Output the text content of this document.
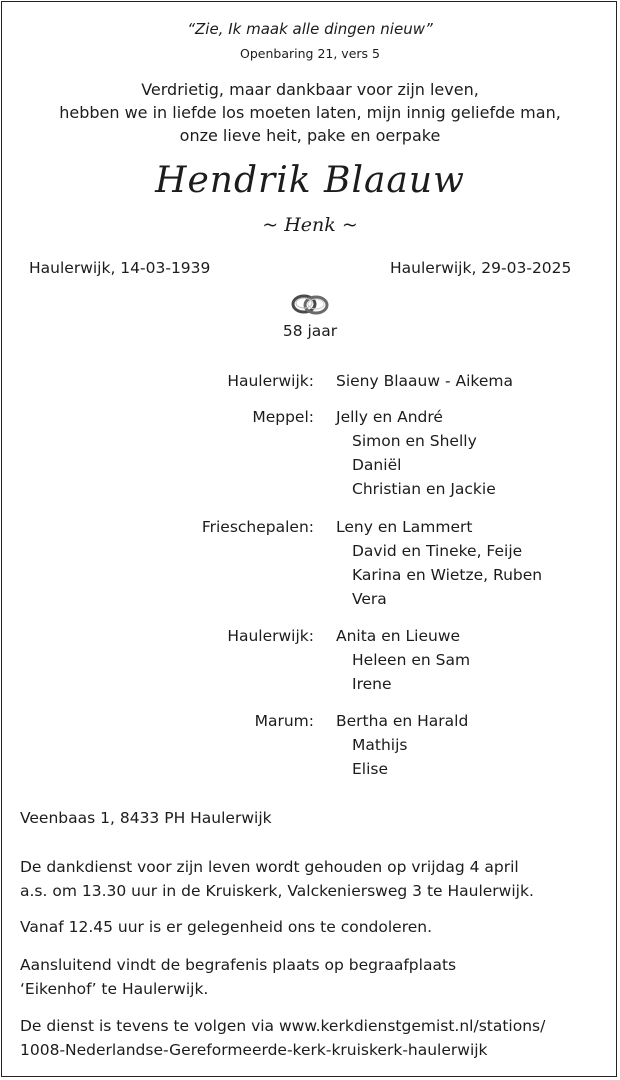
“Zie, Ik maak alle dingen nieuw”
Openbaring 21, vers 5
Verdrietig, maar dankbaar voor zijn leven,
hebben we in liefde los moeten laten, mijn innig geliefde man,
onze lieve heit, pake en oerpake
Hendrik Blaauw
~ Henk ~
Haulerwijk, 14-03-1939	Haulerwijk, 29-03-2025
58 jaar
Haulerwijk: Sieny Blaauw - Aikema
Meppel: Jelly en André
Simon en Shelly
Daniël
Christian en Jackie
Frieschepalen: Leny en Lammert
David en Tineke, Feije
Karina en Wietze, Ruben
Vera
Haulerwijk: Anita en Lieuwe
Heleen en Sam
Irene
Marum: Bertha en Harald
Mathijs
Elise
Veenbaas 1, 8433 PH Haulerwijk
De dankdienst voor zijn leven wordt gehouden op vrijdag 4 april
a.s. om 13.30 uur in de Kruiskerk, Valckeniersweg 3 te Haulerwijk.
Vanaf 12.45 uur is er gelegenheid ons te condoleren.
Aansluitend vindt de begrafenis plaats op begraafplaats
‘Eikenhof’ te Haulerwijk.
De dienst is tevens te volgen via www.kerkdienstgemist.nl/stations/
1008-Nederlandse-Gereformeerde-kerk-kruiskerk-haulerwijk
